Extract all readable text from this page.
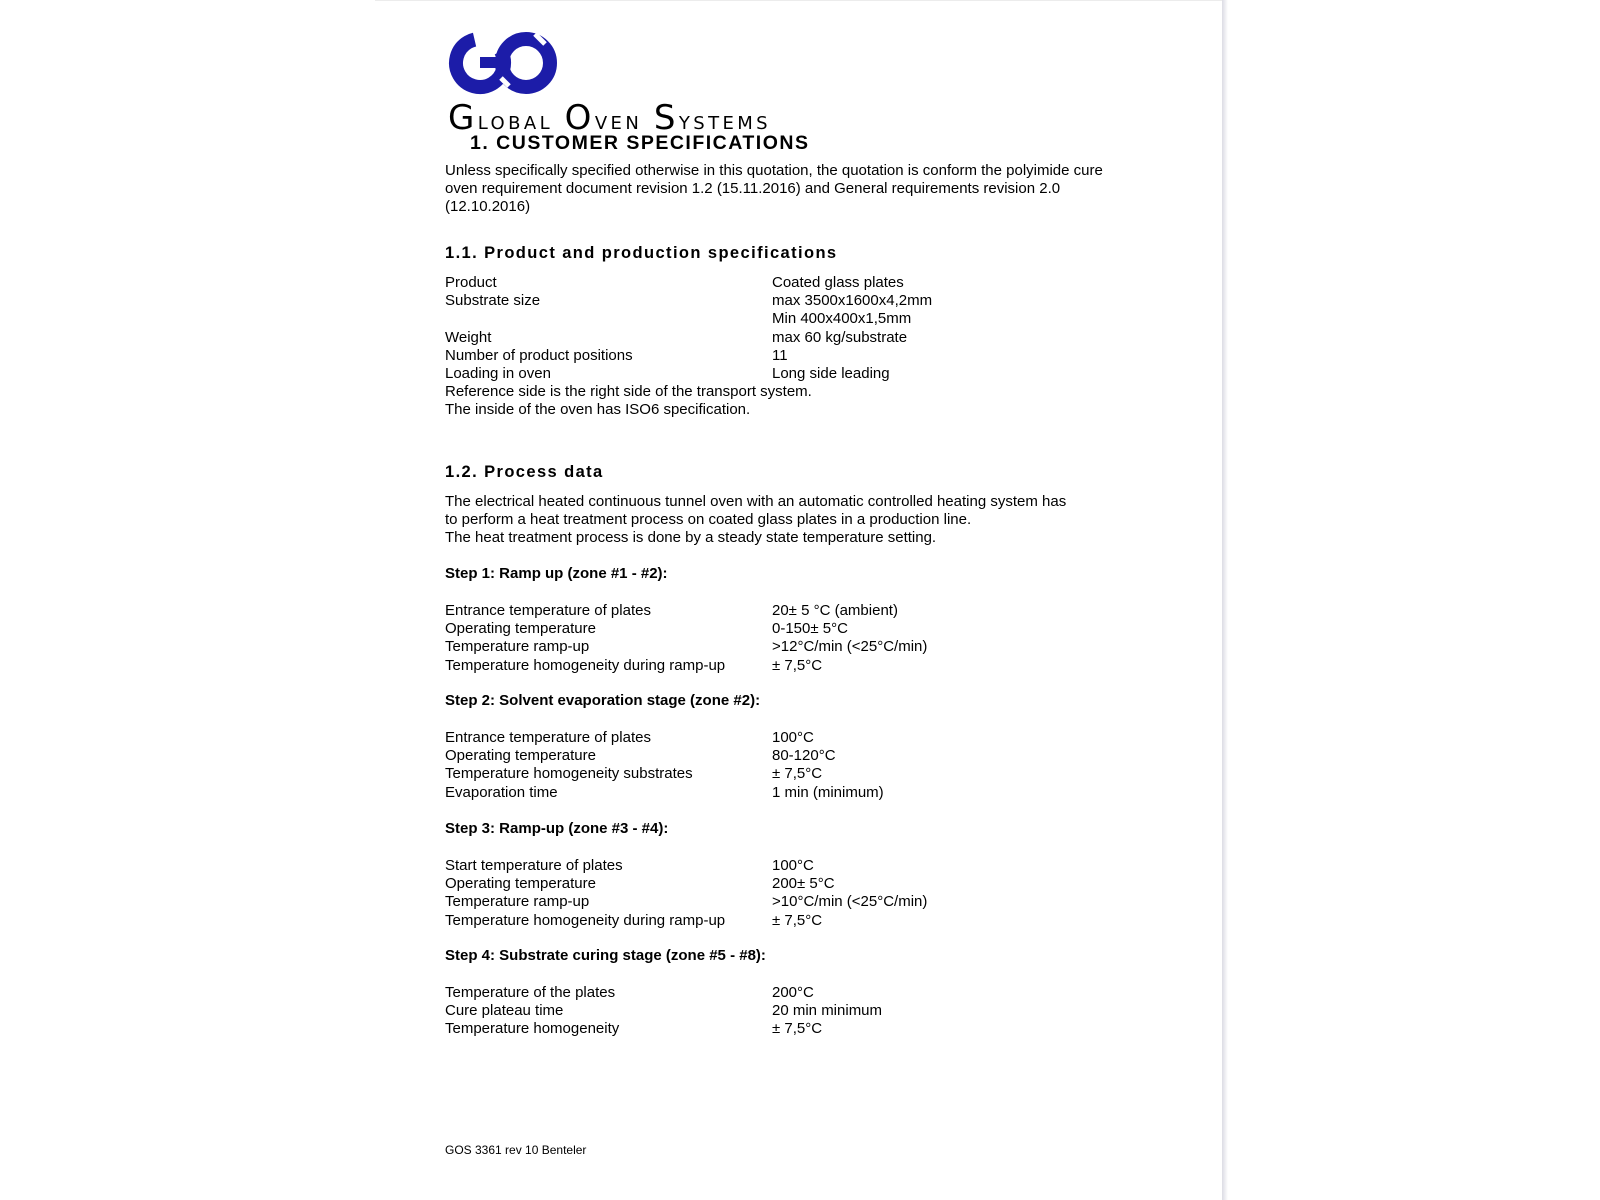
Global Oven Systems
1. CUSTOMER SPECIFICATIONS
Unless specifically specified otherwise in this quotation, the quotation is conform the polyimide cure oven requirement document revision 1.2 (15.11.2016) and General requirements revision 2.0 (12.10.2016)
1.1. Product and production specifications
Product	Coated glass plates
Substrate size	max 3500x1600x4,2mm
Min 400x400x1,5mm
Weight	max 60 kg/substrate
Number of product positions	11
Loading in oven	Long side leading
Reference side is the right side of the transport system.
The inside of the oven has ISO6 specification.
1.2. Process data
The electrical heated continuous tunnel oven with an automatic controlled heating system has
to perform a heat treatment process on coated glass plates in a production line.
The heat treatment process is done by a steady state temperature setting.
Step 1: Ramp up (zone #1 - #2):
Entrance temperature of plates	20± 5 °C (ambient)
Operating temperature	0-150± 5°C
Temperature ramp-up	>12°C/min (<25°C/min)
Temperature homogeneity during ramp-up	± 7,5°C
Step 2: Solvent evaporation stage (zone #2):
Entrance temperature of plates	100°C
Operating temperature	80-120°C
Temperature homogeneity substrates	± 7,5°C
Evaporation time	1 min (minimum)
Step 3: Ramp-up (zone #3 - #4):
Start temperature of plates	100°C
Operating temperature	200± 5°C
Temperature ramp-up	>10°C/min (<25°C/min)
Temperature homogeneity during ramp-up	± 7,5°C
Step 4: Substrate curing stage (zone #5 - #8):
Temperature of the plates	200°C
Cure plateau time	20 min minimum
Temperature homogeneity	± 7,5°C
GOS 3361 rev 10 Benteler
